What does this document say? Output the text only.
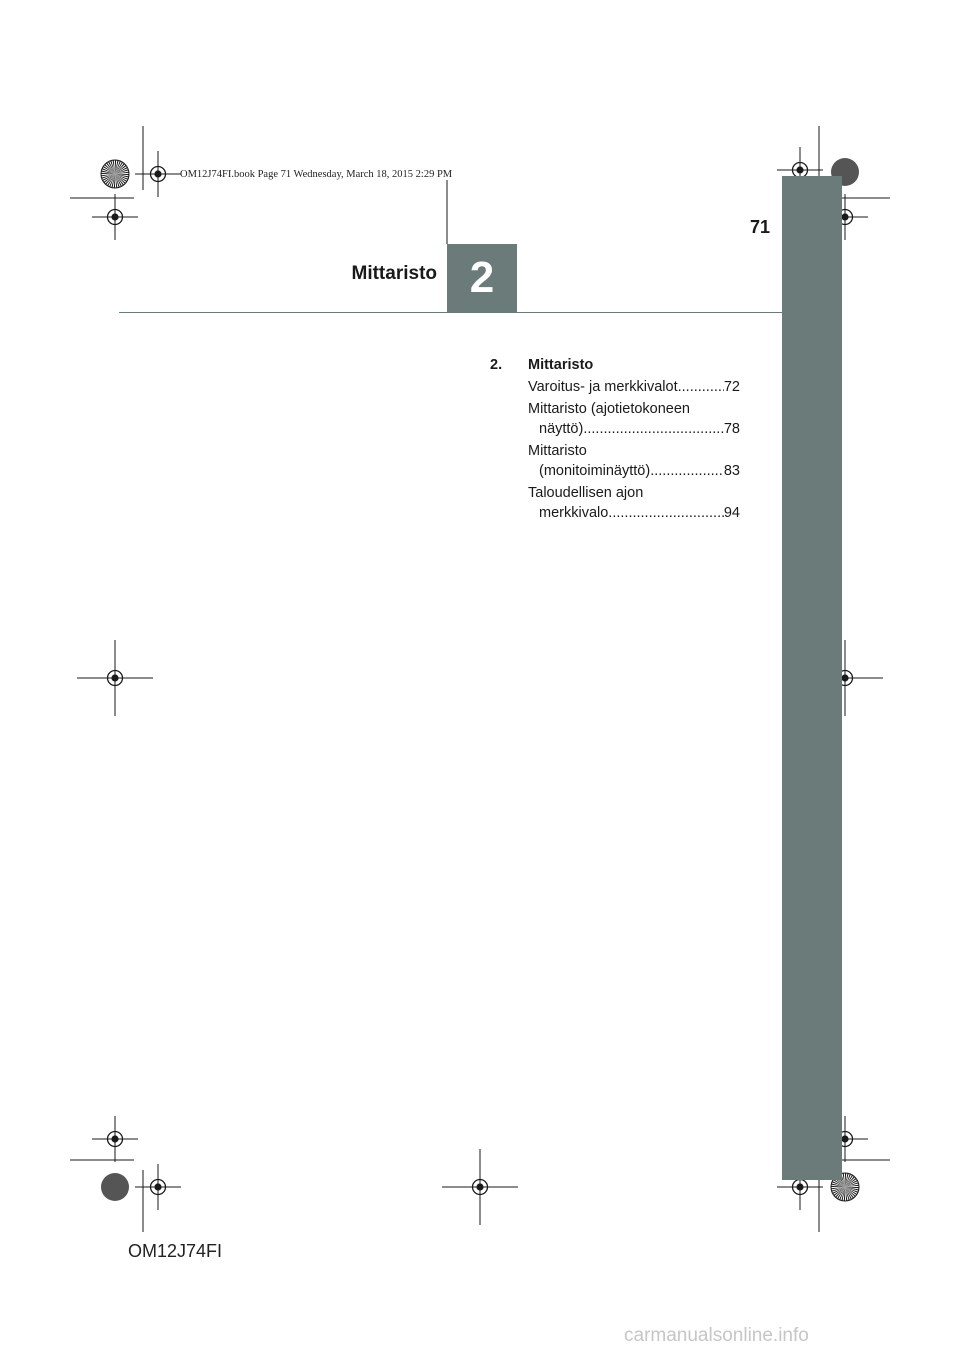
OM12J74FI.book Page 71 Wednesday, March 18, 2015 2:29 PM
71
Mittaristo 2
2. Mittaristo
Varoitus- ja merkkivalot .....	72
Mittaristo (ajotietokoneen
näyttö) .....	78
Mittaristo
(monitoiminäyttö) .....	83
Taloudellisen ajon
merkkivalo .....	94
OM12J74FI
carmanualsonline.info
